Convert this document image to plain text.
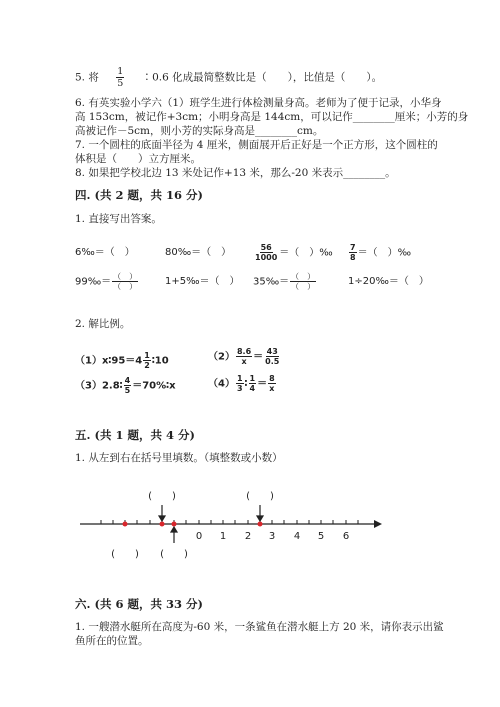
5. 将 $\frac{1}{5}$ ∶0.6 化成最简整数比是（　　），比值是（　　）。
6. 有英实验小学六（1）班学生进行体检测量身高。老师为了便于记录，小华身
高 153cm，被记作+3cm；小明身高是 144cm，可以记作________厘米；小芳的身
高被记作－5cm，则小芳的实际身高是________cm。
7. 一个圆柱的底面半径为 4 厘米，侧面展开后正好是一个正方形，这个圆柱的
体积是（　　）立方厘米。
8. 如果把学校北边 13 米处记作+13 米，那么-20 米表示________。
四. (共 2 题，共 16 分)
1. 直接写出答案。
6‰＝（　）	80‰＝（　）	$\frac{56}{1000}$ ＝（　）‰ $\frac{7}{8}$ ＝（　）‰
99‰＝ $\frac{( )}{( )}$	1+5‰＝（　） 35‰＝ $\frac{( )}{( )}$	1÷20‰＝（　）
2. 解比例。
（1）x∶95＝4 $\frac{1}{2}$ ∶10	$(2) \frac{8.6}{x} = \frac{43}{0.5}$
（3）2.8∶ $\frac{4}{5}$ ＝70%∶x	$(4) \frac{1}{3}$ ∶ $\frac{1}{4} = \frac{8}{x}$
五. (共 1 题，共 4 分)
1. 从左到右在括号里填数。（填整数或小数）
0 1 2 3 4 5 6
(　　)	(　　)
(　　) (　　)
六. (共 6 题，共 33 分)
1. 一艘潜水艇所在高度为-60 米，一条鲨鱼在潜水艇上方 20 米，请你表示出鲨
鱼所在的位置。
